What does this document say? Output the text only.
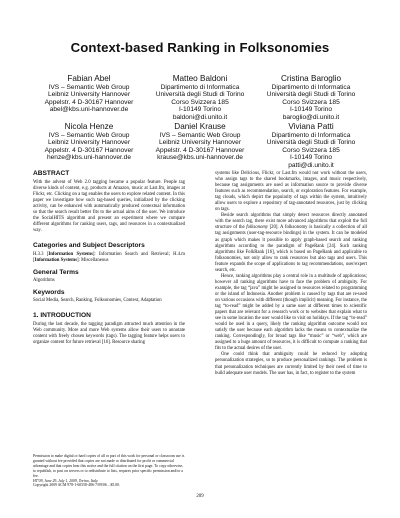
Context-based Ranking in Folksonomies
Fabian Abel
IVS – Semantic Web Group
Leibniz University Hannover
Appelstr. 4 D-30167 Hannover
abel@kbs.uni-hannover.de
Matteo Baldoni
Dipartimento di Informatica
Università degli Studi di Torino
Corso Svizzera 185
I-10149 Torino
baldoni@di.unito.it
Cristina Baroglio
Dipartimento di Informatica
Università degli Studi di Torino
Corso Svizzera 185
I-10149 Torino
baroglio@di.unito.it
Nicola Henze
IVS – Semantic Web Group
Leibniz University Hannover
Appelstr. 4 D-30167 Hannover
henze@kbs.uni-hannover.de
Daniel Krause
IVS – Semantic Web Group
Leibniz University Hannover
Appelstr. 4 D-30167 Hannover
krause@kbs.uni-hannover.de
Viviana Patti
Dipartimento di Informatica
Università degli Studi di Torino
Corso Svizzera 185
I-10149 Torino
patti@di.unito.it
ABSTRACT

With the advent of Web 2.0 tagging became a popular feature. People tag diverse kinds of content, e.g. products at Amazon, music at Last.fm, images at Flickr, etc. Clicking on a tag enables the users to explore related content. In this paper we investigate how such tag-based queries, initialized by the clicking activity, can be enhanced with automatically produced contextual information so that the search result better fits to the actual aims of the user. We introduce the SocialHITS algorithm and present an experiment where we compare different algorithms for ranking users, tags, and resources in a contextualized way.

Categories and Subject Descriptors

H.3.3 [Information Systems]: Information Search and Retrieval; H.4.m [Information Systems]: Miscellaneous

General Terms

Algorithms

Keywords

Social Media, Search, Ranking, Folksonomies, Context, Adaptation

1. INTRODUCTION

During the last decade, the tagging paradigm attracted much attention in the Web community. More and more Web systems allow their users to annotate content with freely chosen keywords (tags). The tagging feature helps users to organize content for future retrieval [16]. Resource sharing

Permission to make digital or hard copies of all or part of this work for personal or classroom use is granted without fee provided that copies are not made or distributed for profit or commercial advantage and that copies bear this notice and the full citation on the first page. To copy otherwise, to republish, to post on servers or to redistribute to lists, requires prior specific permission and/or a fee.
HT'09, June 29–July 1, 2009, Torino, Italy.
Copyright 2009 ACM 978-1-60558-486-7/09/06 ...$5.00.

systems like Delicious, Flickr, or Last.fm would not work without the users, who assign tags to the shared bookmarks, images, and music respectively, because tag assignments are used as information source to provide diverse features such as recommendation, search, or exploration features. For example, tag clouds, which depict the popularity of tags within the system, intuitively allow users to explore a repository of tag-annotated resources, just by clicking on tags.

Beside search algorithms that simply detect resources directly annotated with the search tag, there exist more advanced algorithms that exploit the full structure of the folksonomy [20]. A folksonomy is basically a collection of all tag assignments (user-tag-resource bindings) in the system. It can be modeled as graph which makes it possible to apply graph-based search and ranking algorithms according to the paradigm of PageRank [24]. Such ranking algorithms like FolkRank [16], which is based on PageRank and applicable to folksonomies, not only allow to rank resources but also tags and users. This feature expands the scope of applications to tag recommendations, user/expert search, etc.

Hence, ranking algorithms play a central role in a multitude of applications; however all ranking algorithms have to face the problem of ambiguity. For example, the tag “java” might be assigned to resources related to programming or the island of Indonesia. Another problem is caused by tags that are re-used on various occasions with different (though implicit) meaning. For instance, the tag “to-read” might be added by a same user at different times to scientific papers that are relevant for a research work or to websites that explain what to see in some location the user would like to visit on holidays. If the tag “to-read” would be used in a query, likely the ranking algorithm outcome would not satisfy the user because each algorithm lacks the means to contextualize the ranking. Correspondingly, for broad tags like “music” or “web”, which are assigned to a huge amount of resources, it is difficult to compute a ranking that fits to the actual desires of the user.

One could think that ambiguity could be reduced by adopting personalization strategies, so to produce personalized rankings. The problem is that personalization techniques are currently limited by their need of time to build adequate user models. The user has, in fact, to register to the system

209
